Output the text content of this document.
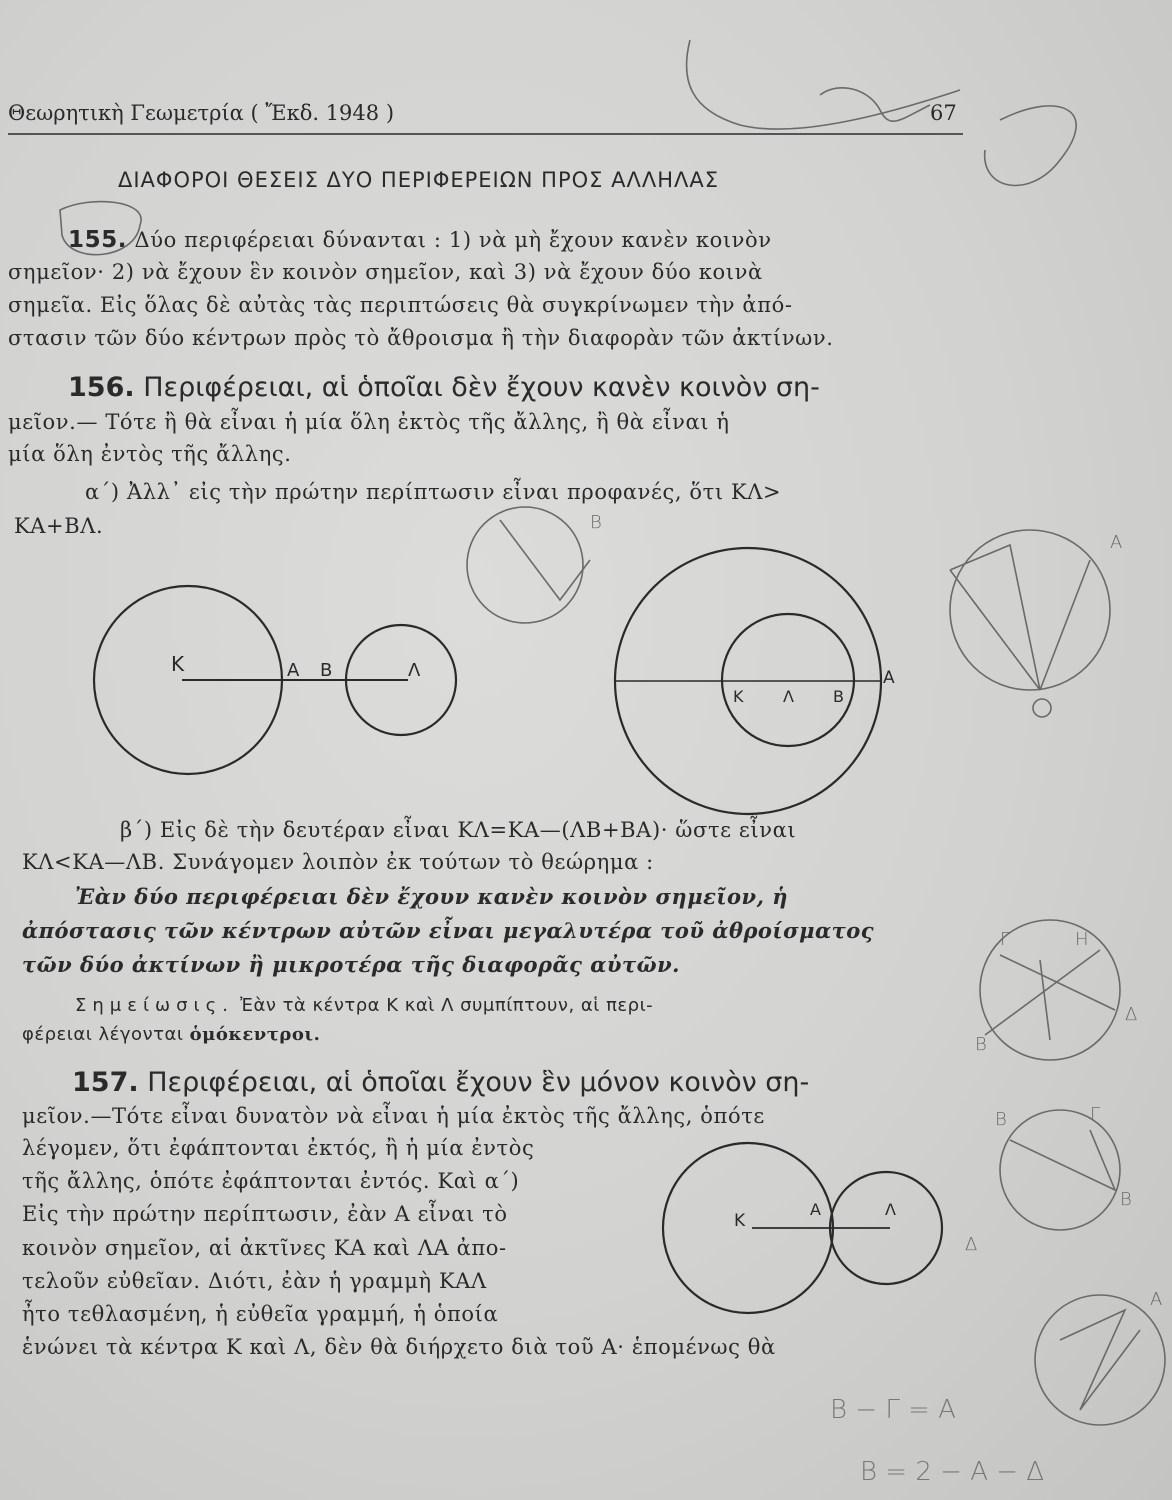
Θεωρητικὴ Γεωμετρία ( Ἔκδ. 1948 )	67
ΔΙΑΦΟΡΟΙ ΘΕΣΕΙΣ ΔΥΟ ΠΕΡΙΦΕΡΕΙΩΝ ΠΡΟΣ ΑΛΛΗΛΑΣ
155. Δύο περιφέρειαι δύνανται : 1) νὰ μὴ ἔχουν κανὲν κοινὸν
σημεῖον· 2) νὰ ἔχουν ἓν κοινὸν σημεῖον, καὶ 3) νὰ ἔχουν δύο κοινὰ
σημεῖα. Εἰς ὅλας δὲ αὐτὰς τὰς περιπτώσεις θὰ συγκρίνωμεν τὴν ἀπό-
στασιν τῶν δύο κέντρων πρὸς τὸ ἄθροισμα ἢ τὴν διαφορὰν τῶν ἀκτίνων.
156. Περιφέρειαι, αἱ ὁποῖαι δὲν ἔχουν κανὲν κοινὸν ση-
μεῖον.— Τότε ἢ θὰ εἶναι ἡ μία ὅλη ἐκτὸς τῆς ἄλλης, ἢ θὰ εἶναι ἡ
μία ὅλη ἐντὸς τῆς ἄλλης.
α΄) Ἀλλ᾿ εἰς τὴν πρώτην περίπτωσιν εἶναι προφανές, ὅτι ΚΛ>
ΚΑ+ΒΛ.
Κ	Α Β	Λ
Κ Λ Β
Α
Κ
Α	Λ
Β
Α
Γ
Δ
Η
Β
Β	Γ
Δ
Β
Α
Β − Γ = Α
Β = 2 − Α − Δ
β΄) Εἰς δὲ τὴν δευτέραν εἶναι ΚΛ=ΚΑ—(ΛΒ+ΒΑ)· ὥστε εἶναι
ΚΛ<ΚΑ—ΛΒ. Συνάγομεν λοιπὸν ἐκ τούτων τὸ θεώρημα :
Ἐὰν δύο περιφέρειαι δὲν ἔχουν κανὲν κοινὸν σημεῖον, ἡ
ἀπόστασις τῶν κέντρων αὐτῶν εἶναι μεγαλυτέρα τοῦ ἀθροίσματος
τῶν δύο ἀκτίνων ἢ μικροτέρα τῆς διαφορᾶς αὐτῶν.
Σημείωσις. Ἐὰν τὰ κέντρα Κ καὶ Λ συμπίπτουν, αἱ περι-
φέρειαι λέγονται ὁμόκεντροι.
157. Περιφέρειαι, αἱ ὁποῖαι ἔχουν ἓν μόνον κοινὸν ση-
μεῖον.—Τότε εἶναι δυνατὸν νὰ εἶναι ἡ μία ἐκτὸς τῆς ἄλλης, ὁπότε
λέγομεν, ὅτι ἐφάπτονται ἐκτός, ἢ ἡ μία ἐντὸς
τῆς ἄλλης, ὁπότε ἐφάπτονται ἐντός. Καὶ α΄)
Εἰς τὴν πρώτην περίπτωσιν, ἐὰν Α εἶναι τὸ
κοινὸν σημεῖον, αἱ ἀκτῖνες ΚΑ καὶ ΛΑ ἀπο-
τελοῦν εὐθεῖαν. Διότι, ἐὰν ἡ γραμμὴ ΚΑΛ
ἦτο τεθλασμένη, ἡ εὐθεῖα γραμμή, ἡ ὁποία
ἑνώνει τὰ κέντρα Κ καὶ Λ, δὲν θὰ διήρχετο διὰ τοῦ Α· ἑπομένως θὰ
